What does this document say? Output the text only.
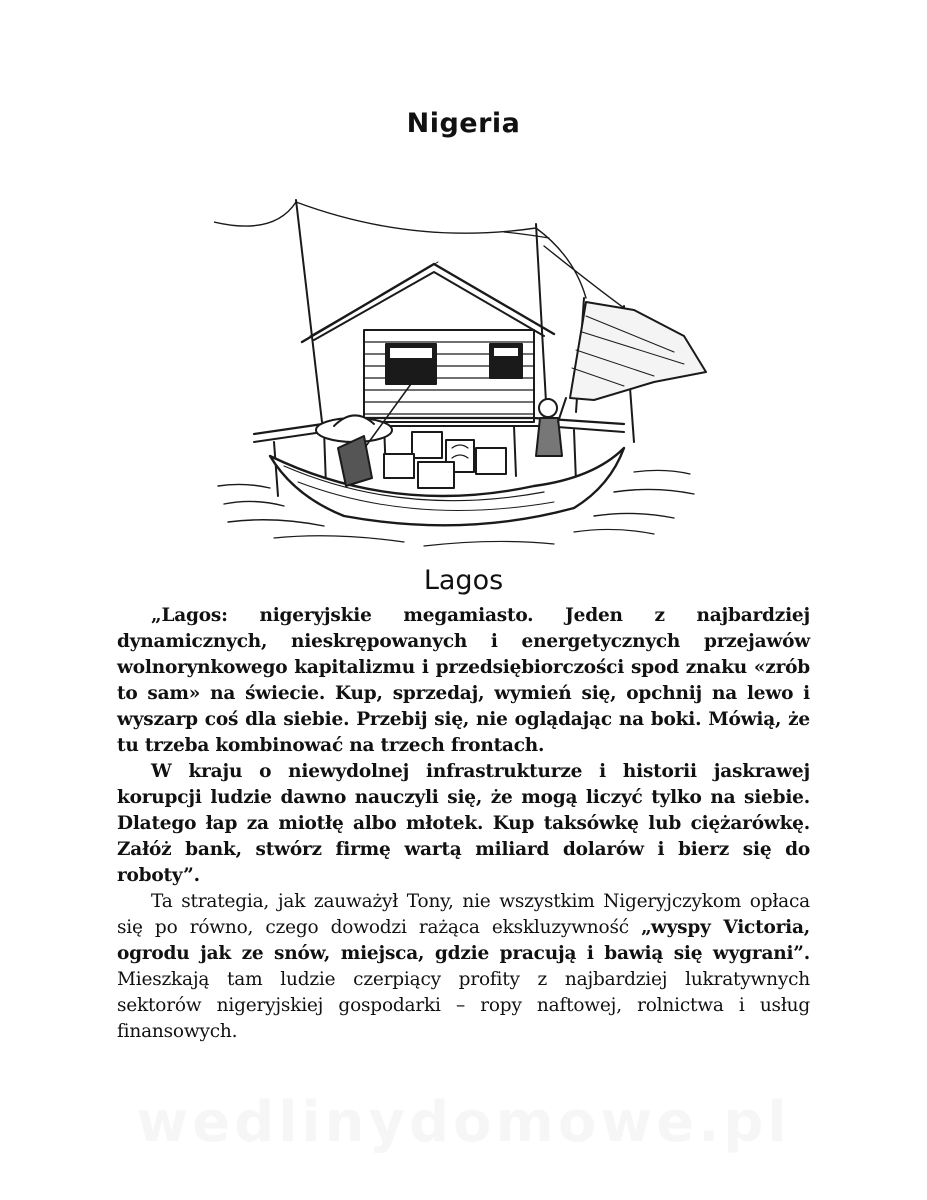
Nigeria
Lagos

„Lagos: nigeryjskie megamiasto. Jeden z najbardziej dynamicznych, nieskrępowanych i energetycznych przejawów wolnorynkowego kapitalizmu i przedsiębiorczości spod znaku «zrób to sam» na świecie. Kup, sprzedaj, wymień się, opchnij na lewo i wyszarp coś dla siebie. Przebij się, nie oglądając na boki. Mówią, że tu trzeba kombinować na trzech frontach.

W kraju o niewydolnej infrastrukturze i historii jaskrawej korupcji ludzie dawno nauczyli się, że mogą liczyć tylko na siebie. Dlatego łap za miotłę albo młotek. Kup taksówkę lub ciężarówkę. Załóż bank, stwórz firmę wartą miliard dolarów i bierz się do roboty”.

Ta strategia, jak zauważył Tony, nie wszystkim Nigeryjczykom opłaca się po równo, czego dowodzi rażąca ekskluzywność „wyspy Victoria, ogrodu jak ze snów, miejsca, gdzie pracują i bawią się wygrani”. Mieszkają tam ludzie czerpiący profity z najbardziej lukratywnych sektorów nigeryjskiej gospodarki – ropy naftowej, rolnictwa i usług finansowych.
